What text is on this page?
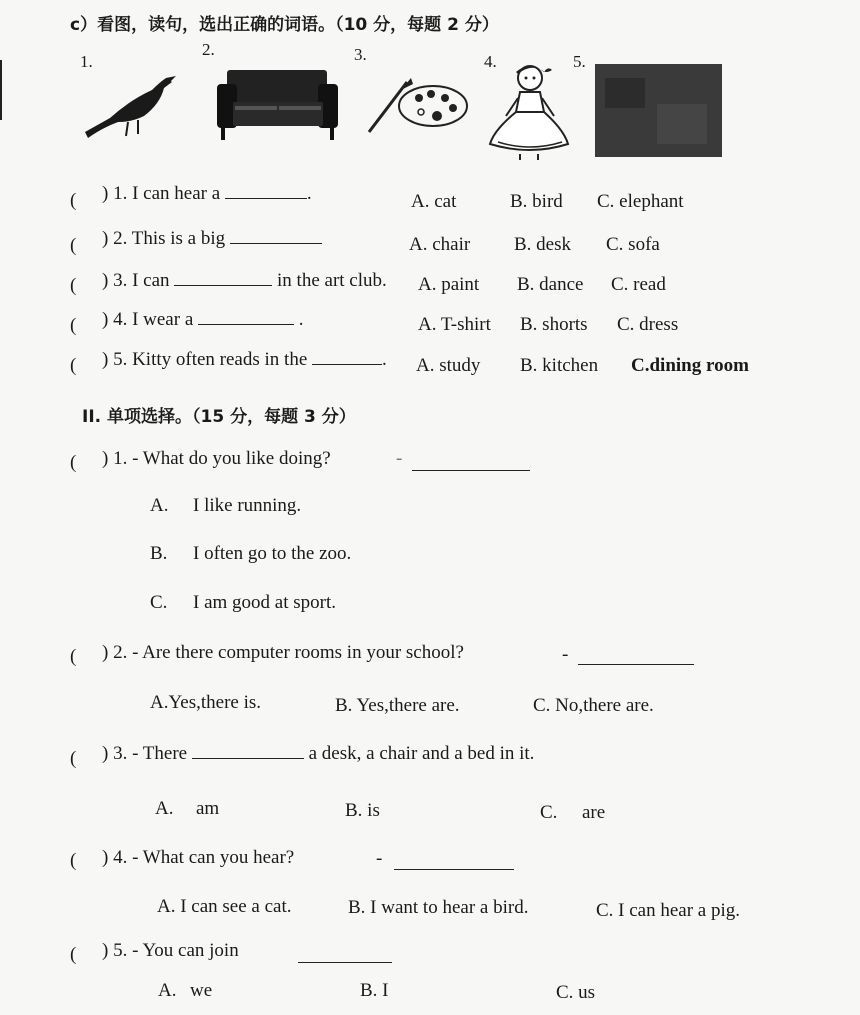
c）看图，读句，选出正确的词语。（10 分，每题 2 分）
1.
2.	3.	4.	5.
( ) 1. I can hear a	.	A. cat	B. bird C. elephant
( ) 2. This is a big	A. chair B. desk C. sofa
( ) 3. I can	in the art club. A. paint B. dance C. read
( ) 4. I wear a	.	A. T-shirt B. shorts C. dress
( ) 5. Kitty often reads in the	. A. study B. kitchen C.dining room
II. 单项选择。（15 分，每题 3 分）
( ) 1. - What do you like doing?	-
A. I like running.
B. I often go to the zoo.
C. I am good at sport.
( ) 2. - Are there computer rooms in your school?	-
A.Yes,there is.	B. Yes,there are.	C. No,there are.
( ) 3. - There	a desk, a chair and a bed in it.
A. am	B. is	C. are
( ) 4. - What can you hear?	-
A. I can see a cat.	B. I want to hear a bird.	C. I can hear a pig.
( ) 5. - You can join
A. we	B. I	C. us
